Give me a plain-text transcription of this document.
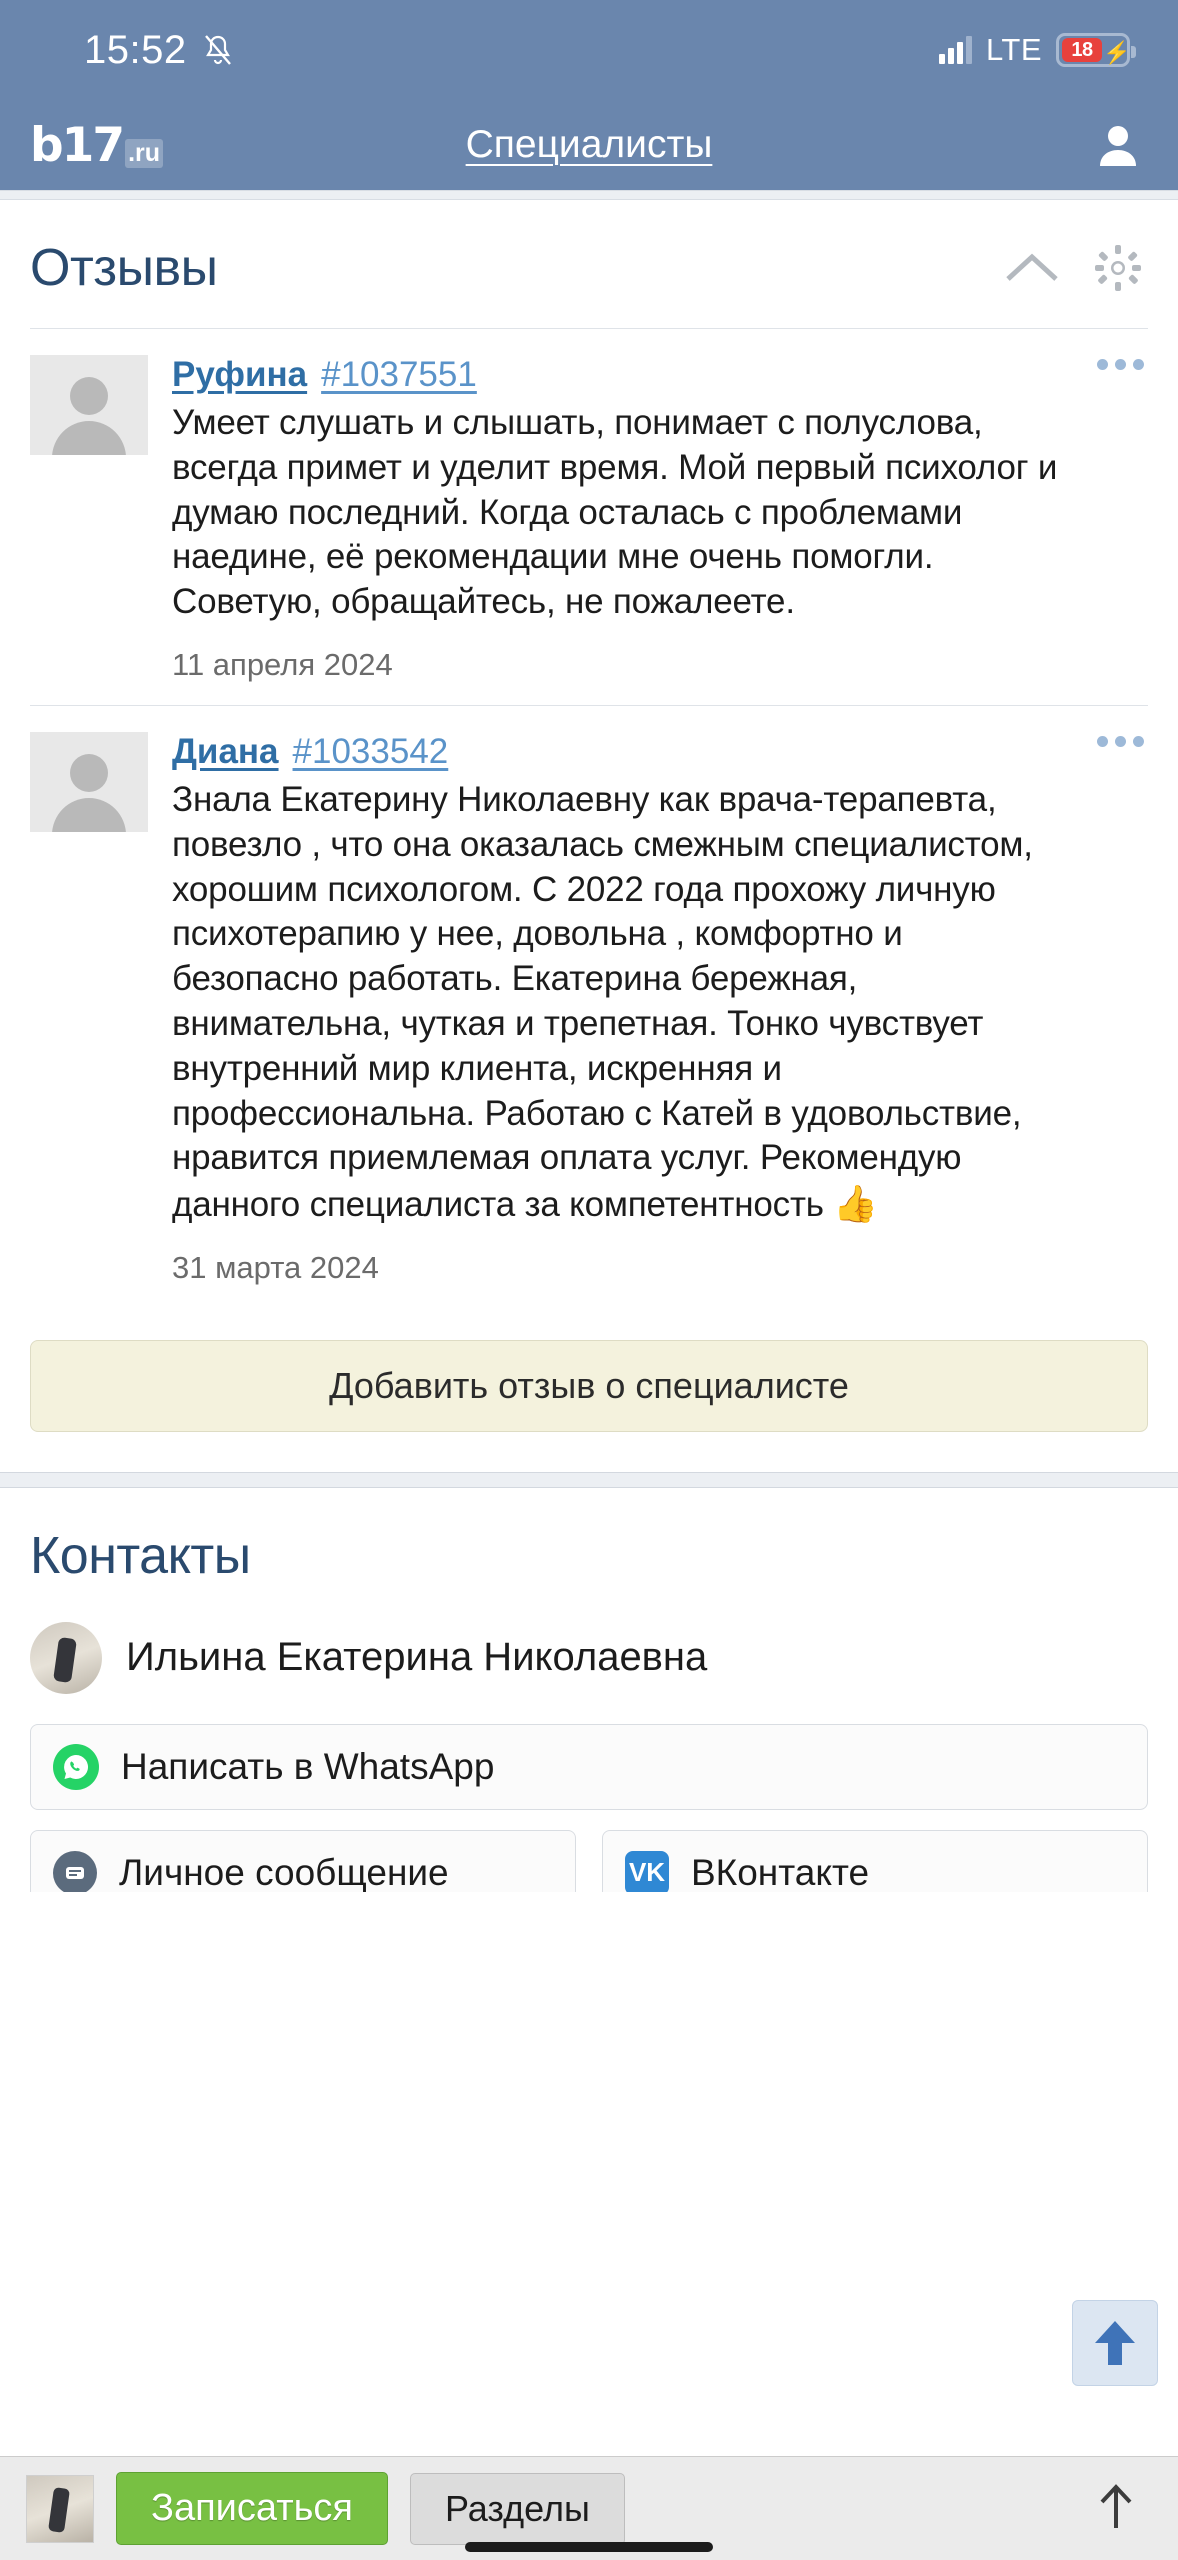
15:52	LTE	18 ⚡
b17 .ru	Специалисты
Отзывы
Руфина #1037551
Умеет слушать и слышать, понимает с полуслова, всегда примет и уделит время. Мой первый психолог и думаю последний. Когда осталась с проблемами наедине, её рекомендации мне очень помогли. Советую, обращайтесь, не пожалеете.
11 апреля 2024
Диана #1033542
Знала Екатерину Николаевну как врача-терапевта, повезло , что она оказалась смежным специалистом, хорошим психологом. С 2022 года прохожу личную психотерапию у нее, довольна , комфортно и безопасно работать. Екатерина бережная, внимательна, чуткая и трепетная. Тонко чувствует внутренний мир клиента, искренняя и профессиональна. Работаю с Катей в удовольствие, нравится приемлемая оплата услуг. Рекомендую данного специалиста за компетентность 👍
31 марта 2024
Добавить отзыв о специалисте
Контакты
Ильина Екатерина Николаевна
Написать в WhatsApp
Личное сообщение	VK ВКонтакте
Записаться	Разделы
